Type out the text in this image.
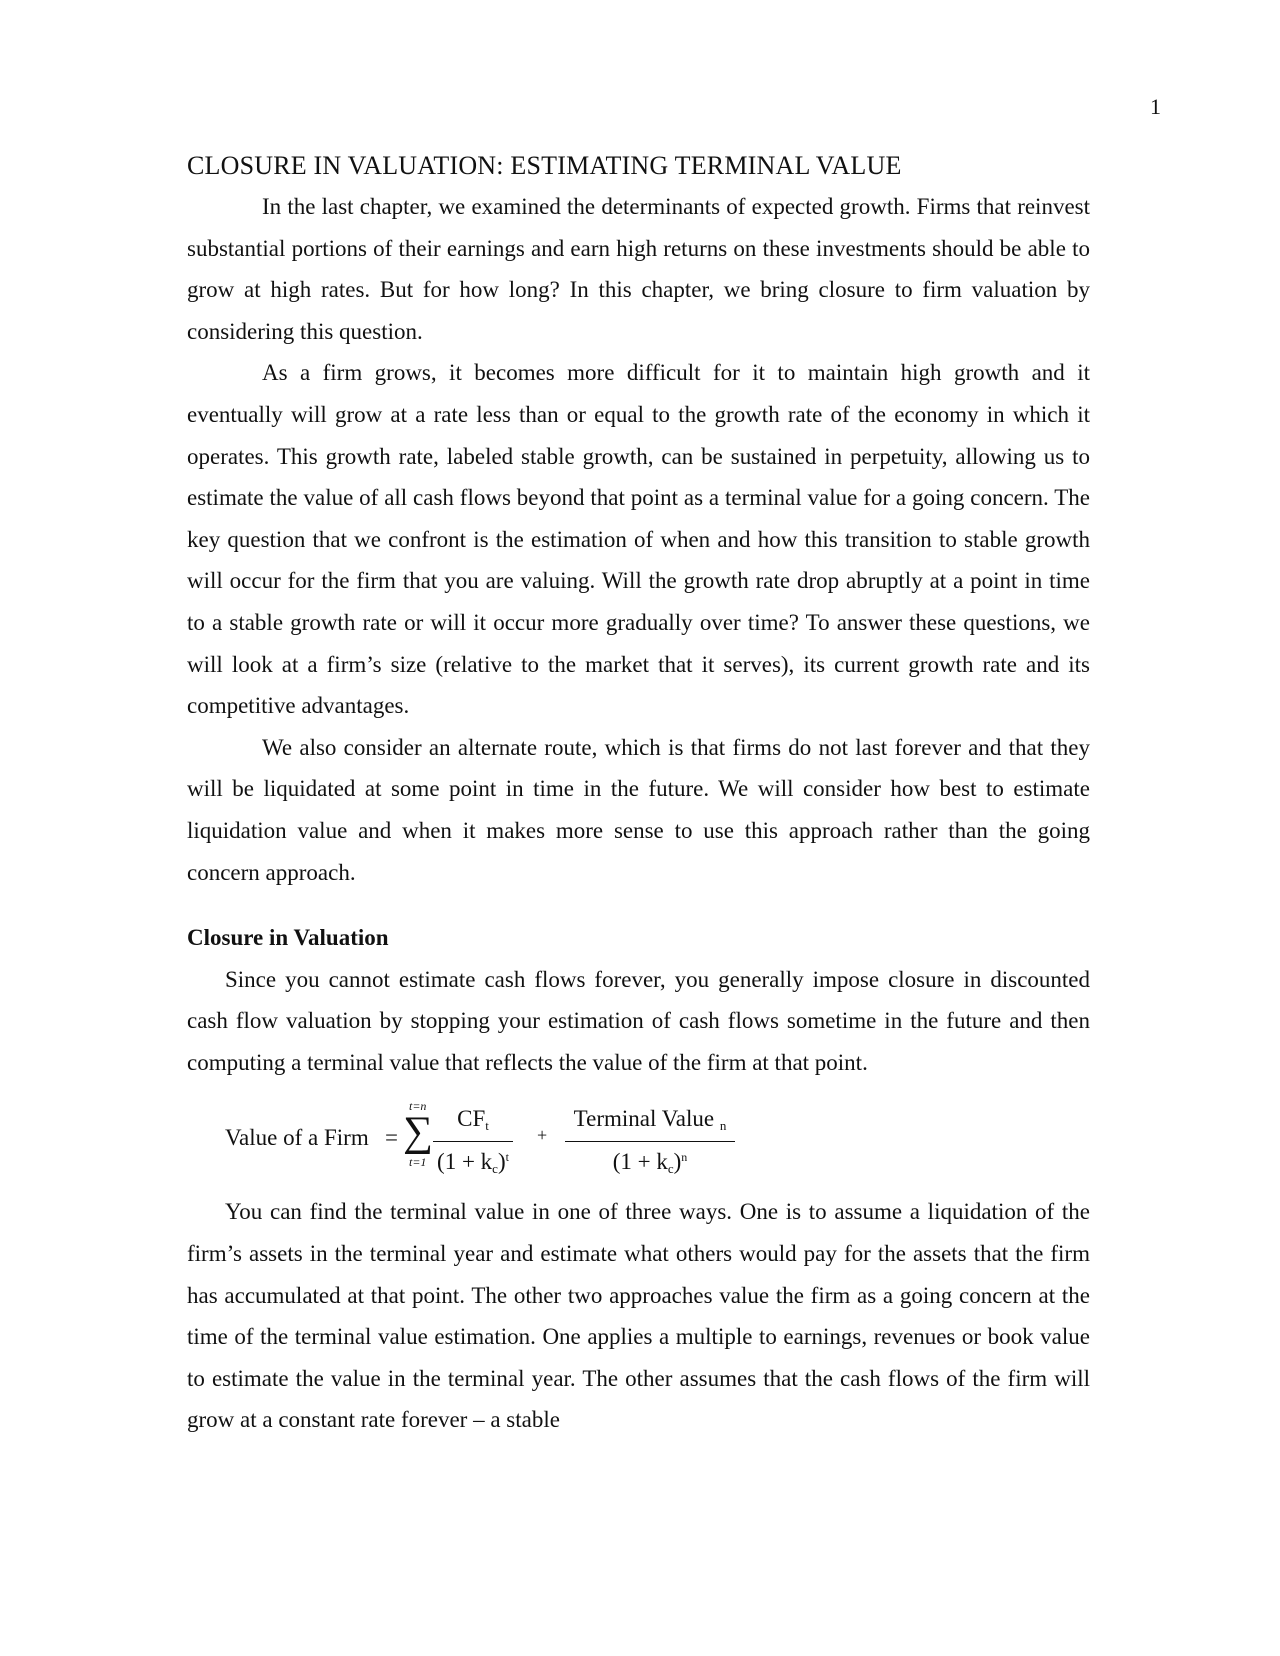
1
CLOSURE IN VALUATION: ESTIMATING TERMINAL VALUE

In the last chapter, we examined the determinants of expected growth. Firms that reinvest substantial portions of their earnings and earn high returns on these investments should be able to grow at high rates. But for how long? In this chapter, we bring closure to firm valuation by considering this question.

As a firm grows, it becomes more difficult for it to maintain high growth and it eventually will grow at a rate less than or equal to the growth rate of the economy in which it operates. This growth rate, labeled stable growth, can be sustained in perpetuity, allowing us to estimate the value of all cash flows beyond that point as a terminal value for a going concern. The key question that we confront is the estimation of when and how this transition to stable growth will occur for the firm that you are valuing. Will the growth rate drop abruptly at a point in time to a stable growth rate or will it occur more gradually over time? To answer these questions, we will look at a firm’s size (relative to the market that it serves), its current growth rate and its competitive advantages.

We also consider an alternate route, which is that firms do not last forever and that they will be liquidated at some point in time in the future. We will consider how best to estimate liquidation value and when it makes more sense to use this approach rather than the going concern approach.

Closure in Valuation

Since you cannot estimate cash flows forever, you generally impose closure in discounted cash flow valuation by stopping your estimation of cash flows sometime in the future and then computing a terminal value that reflects the value of the firm at that point.

Value of a Firm =
t=n
∑
t=1
$CF_t$
$(1 + k_c)^t$
+
Terminal Value $_n$
$(1 + k_c)^n$

You can find the terminal value in one of three ways. One is to assume a liquidation of the firm’s assets in the terminal year and estimate what others would pay for the assets that the firm has accumulated at that point. The other two approaches value the firm as a going concern at the time of the terminal value estimation. One applies a multiple to earnings, revenues or book value to estimate the value in the terminal year. The other assumes that the cash flows of the firm will grow at a constant rate forever – a stable
